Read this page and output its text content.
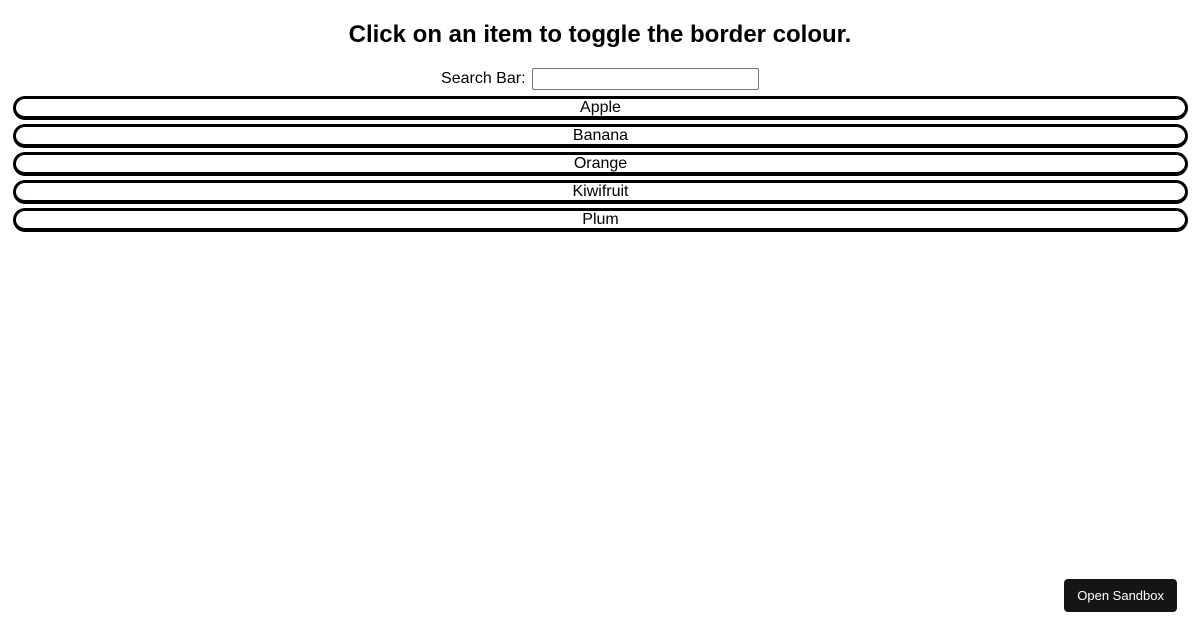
Click on an item to toggle the border colour.
Search Bar:
Apple
Banana
Orange
Kiwifruit
Plum
Open Sandbox
